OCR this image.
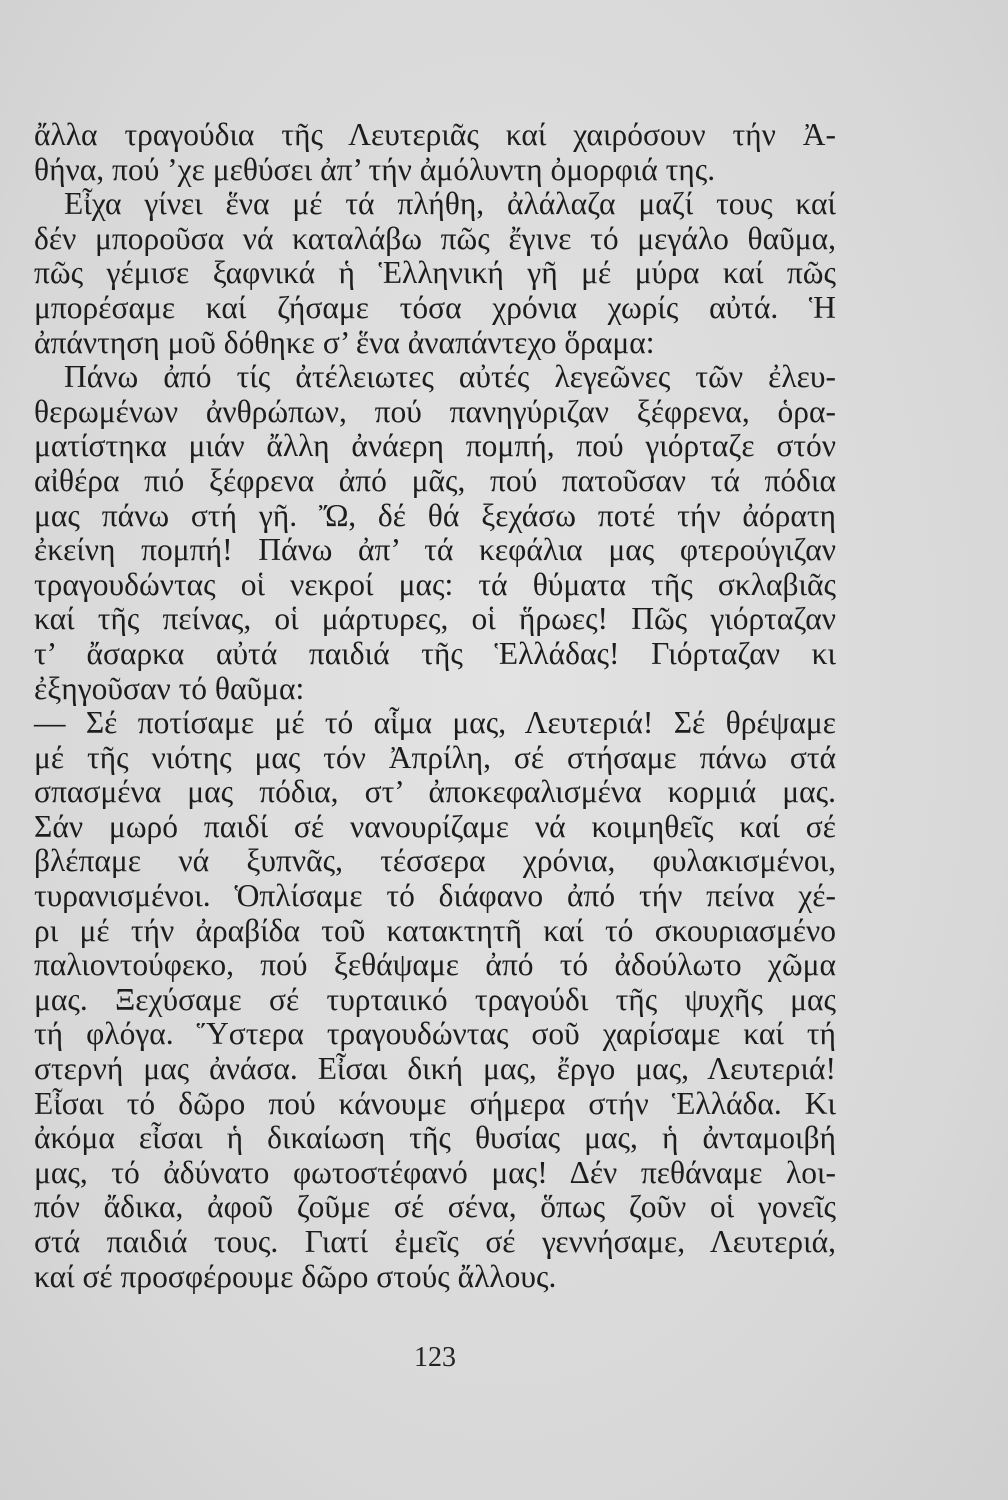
ἄλλα τραγούδια τῆς Λευτεριᾶς καί χαιρόσουν τήν Ἀ-
θήνα, πού ’χε μεθύσει ἀπ’ τήν ἀμόλυντη ὀμορφιά της.
Εἶχα γίνει ἕνα μέ τά πλήθη, ἀλάλαζα μαζί τους καί
δέν μποροῦσα νά καταλάβω πῶς ἔγινε τό μεγάλο θαῦμα,
πῶς γέμισε ξαφνικά ἡ Ἑλληνική γῆ μέ μύρα καί πῶς
μπορέσαμε καί ζήσαμε τόσα χρόνια χωρίς αὐτά. Ἡ
ἀπάντηση μοῦ δόθηκε σ’ ἕνα ἀναπάντεχο ὅραμα:
Πάνω ἀπό τίς ἀτέλειωτες αὐτές λεγεῶνες τῶν ἐλευ-
θερωμένων ἀνθρώπων, πού πανηγύριζαν ξέφρενα, ὁρα-
ματίστηκα μιάν ἄλλη ἀνάερη πομπή, πού γιόρταζε στόν
αἰθέρα πιό ξέφρενα ἀπό μᾶς, πού πατοῦσαν τά πόδια
μας πάνω στή γῆ. Ὤ, δέ θά ξεχάσω ποτέ τήν ἀόρατη
ἐκείνη πομπή! Πάνω ἀπ’ τά κεφάλια μας φτερούγιζαν
τραγουδώντας οἱ νεκροί μας: τά θύματα τῆς σκλαβιᾶς
καί τῆς πείνας, οἱ μάρτυρες, οἱ ἥρωες! Πῶς γιόρταζαν
τ’ ἄσαρκα αὐτά παιδιά τῆς Ἑλλάδας! Γιόρταζαν κι
ἐξηγοῦσαν τό θαῦμα:
— Σέ ποτίσαμε μέ τό αἷμα μας, Λευτεριά! Σέ θρέψαμε
μέ τῆς νιότης μας τόν Ἀπρίλη, σέ στήσαμε πάνω στά
σπασμένα μας πόδια, στ’ ἀποκεφαλισμένα κορμιά μας.
Σάν μωρό παιδί σέ νανουρίζαμε νά κοιμηθεῖς καί σέ
βλέπαμε νά ξυπνᾶς, τέσσερα χρόνια, φυλακισμένοι,
τυρανισμένοι. Ὁπλίσαμε τό διάφανο ἀπό τήν πείνα χέ-
ρι μέ τήν ἀραβίδα τοῦ κατακτητῆ καί τό σκουριασμένο
παλιοντούφεκο, πού ξεθάψαμε ἀπό τό ἀδούλωτο χῶμα
μας. Ξεχύσαμε σέ τυρταιικό τραγούδι τῆς ψυχῆς μας
τή φλόγα. Ὕστερα τραγουδώντας σοῦ χαρίσαμε καί τή
στερνή μας ἀνάσα. Εἶσαι δική μας, ἔργο μας, Λευτεριά!
Εἶσαι τό δῶρο πού κάνουμε σήμερα στήν Ἑλλάδα. Κι
ἀκόμα εἶσαι ἡ δικαίωση τῆς θυσίας μας, ἡ ἀνταμοιβή
μας, τό ἀδύνατο φωτοστέφανό μας! Δέν πεθάναμε λοι-
πόν ἄδικα, ἀφοῦ ζοῦμε σέ σένα, ὅπως ζοῦν οἱ γονεῖς
στά παιδιά τους. Γιατί ἐμεῖς σέ γεννήσαμε, Λευτεριά,
καί σέ προσφέρουμε δῶρο στούς ἄλλους.
123
